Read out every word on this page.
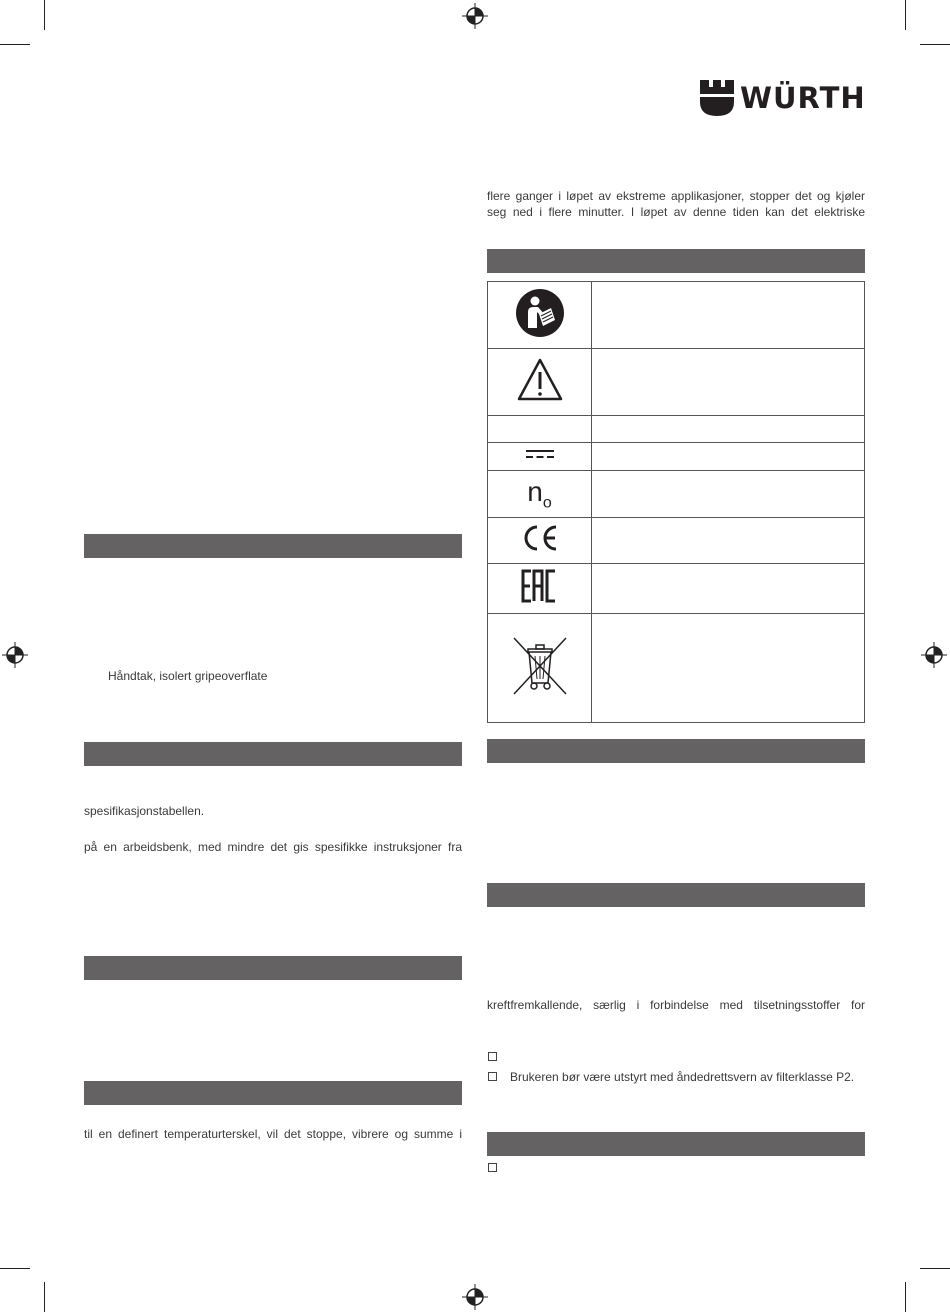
WÜRTH
flere ganger i løpet av ekstreme applikasjoner, stopper det og kjøler
seg ned i flere minutter. I løpet av denne tiden kan det elektriske

$n_o$	

kreftfremkallende, særlig i forbindelse med tilsetningsstoffer for
Brukeren bør være utstyrt med åndedrettsvern av filterklasse P2.
Håndtak, isolert gripeoverflate
spesifikasjonstabellen.
på en arbeidsbenk, med mindre det gis spesifikke instruksjoner fra
til en definert temperaturterskel, vil det stoppe, vibrere og summe i
